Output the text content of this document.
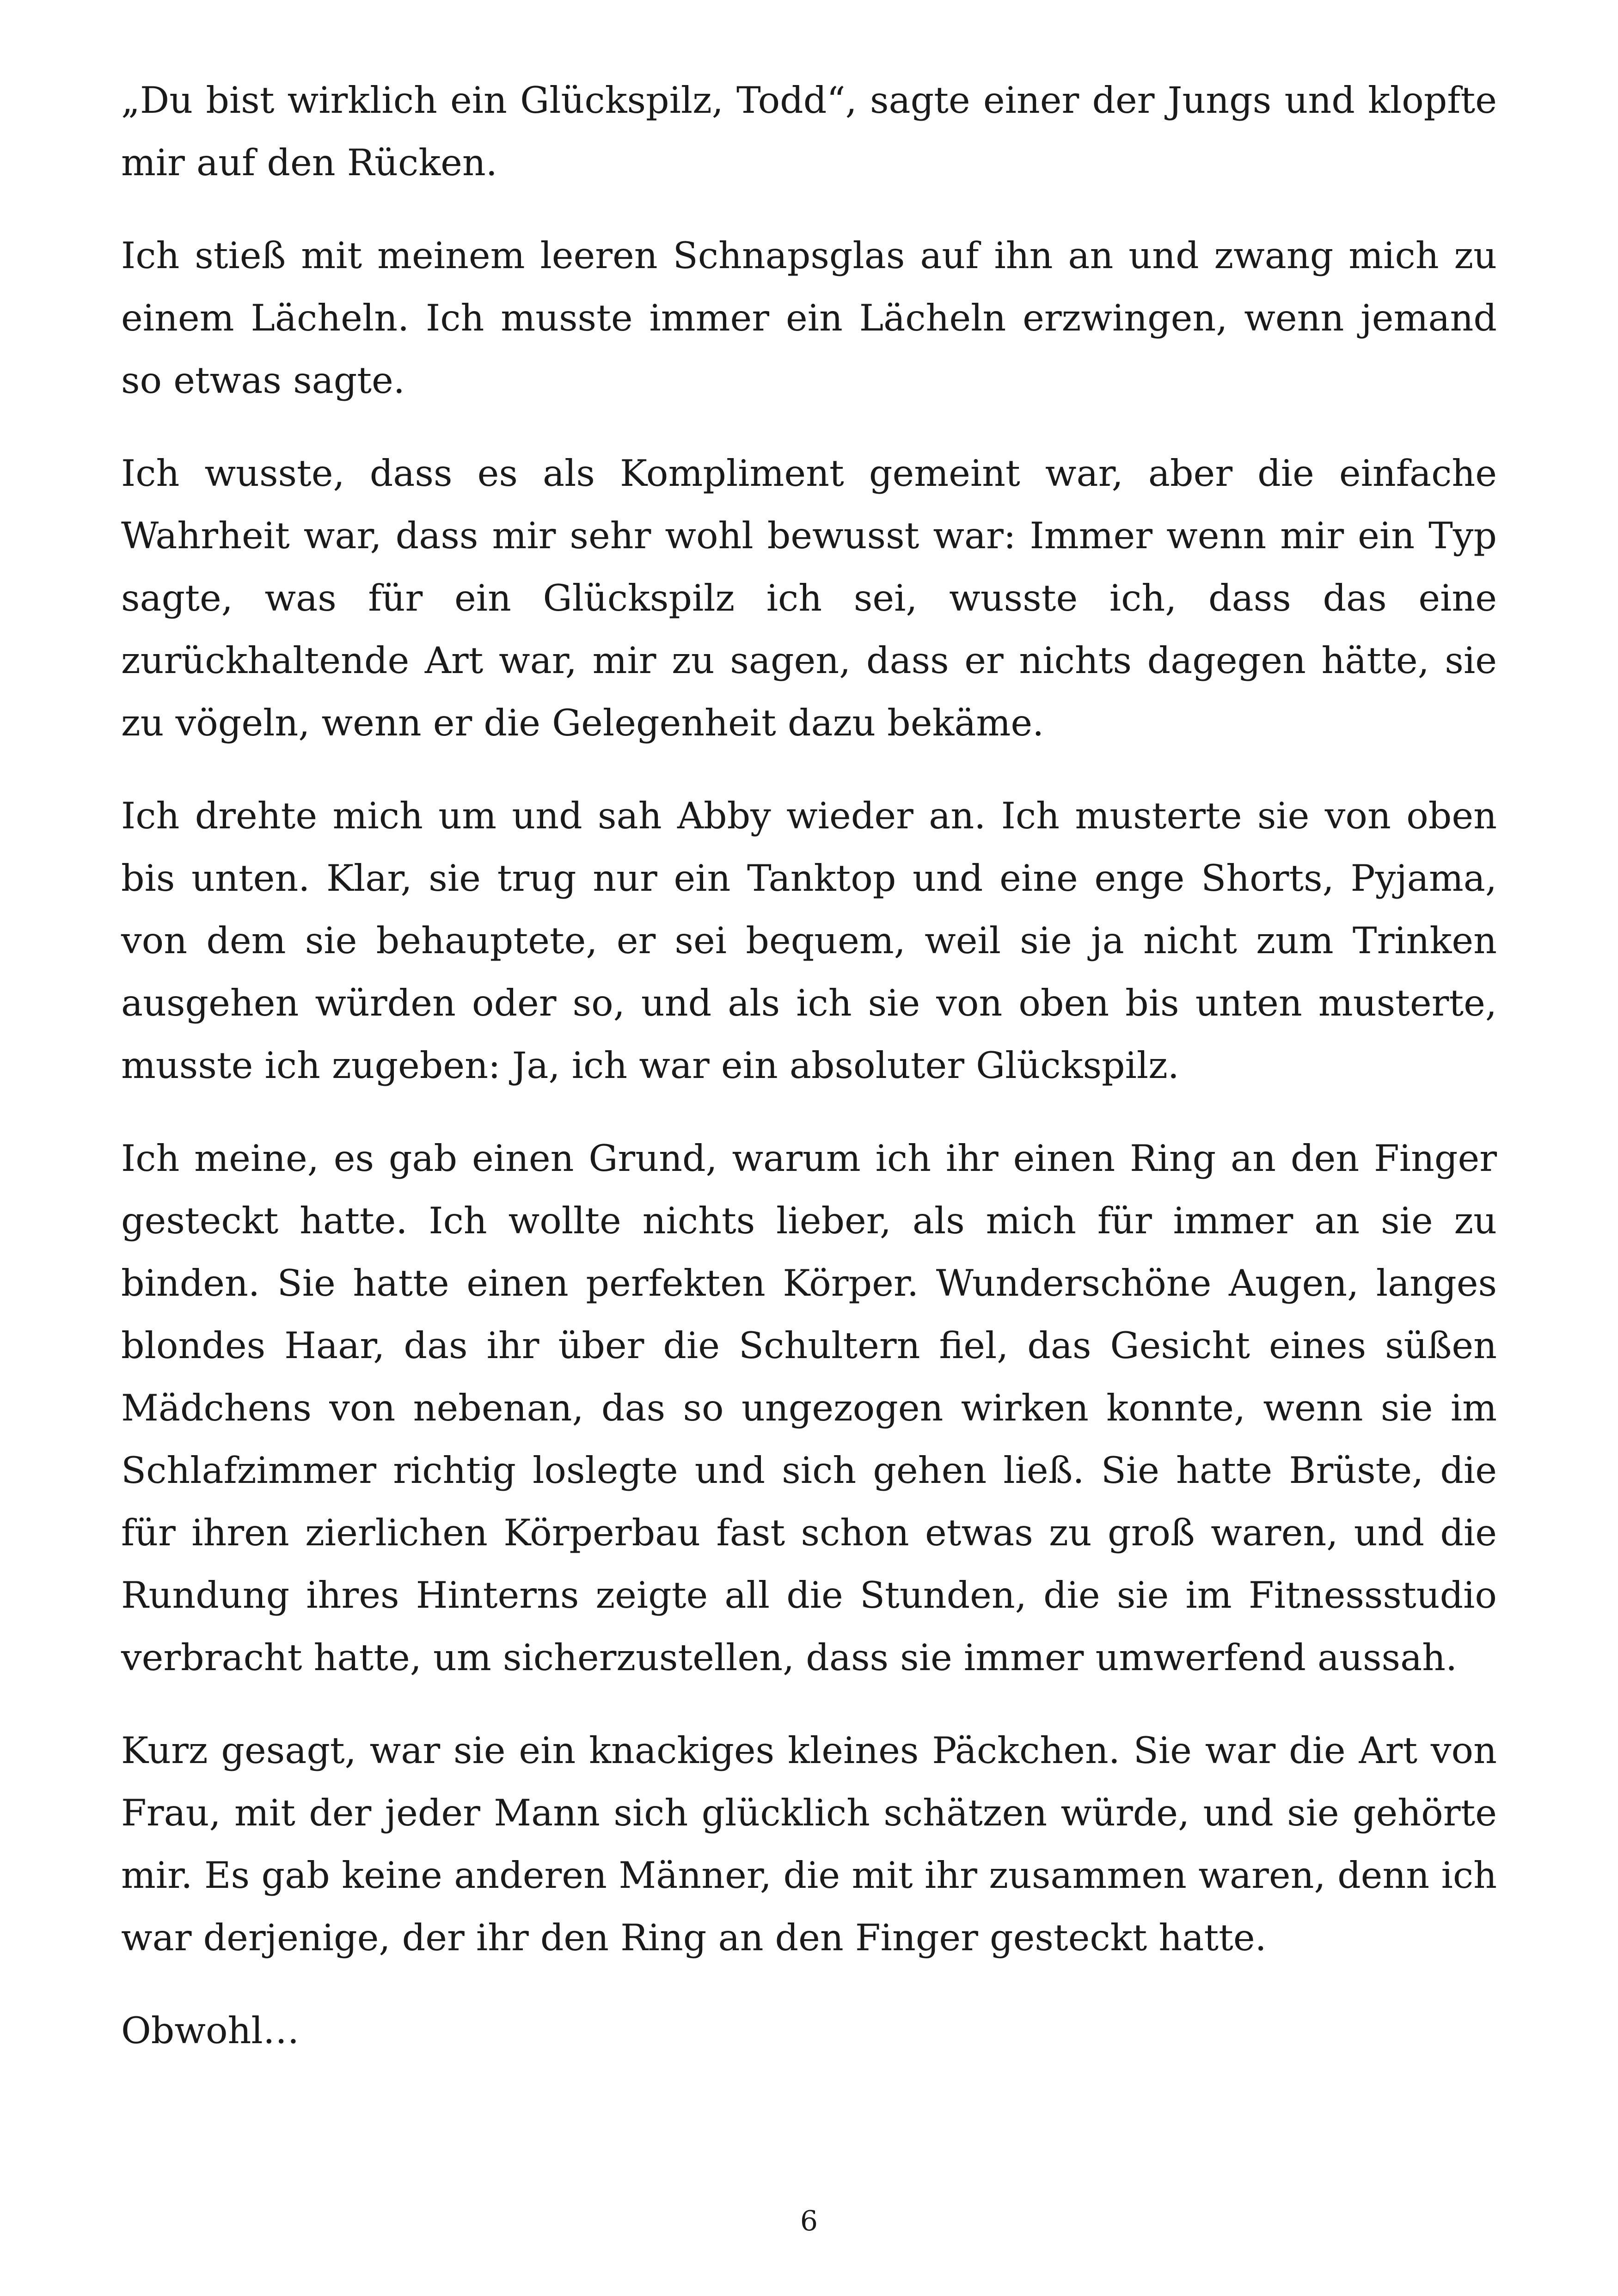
„Du bist wirklich ein Glückspilz, Todd“, sagte einer der Jungs und klopfte mir auf den Rücken.

Ich stieß mit meinem leeren Schnapsglas auf ihn an und zwang mich zu einem Lächeln. Ich musste immer ein Lächeln erzwingen, wenn jemand so etwas sagte.

Ich wusste, dass es als Kompliment gemeint war, aber die einfache Wahrheit war, dass mir sehr wohl bewusst war: Immer wenn mir ein Typ sagte, was für ein Glückspilz ich sei, wusste ich, dass das eine zurückhaltende Art war, mir zu sagen, dass er nichts dagegen hätte, sie zu vögeln, wenn er die Gelegenheit dazu bekäme.

Ich drehte mich um und sah Abby wieder an. Ich musterte sie von oben bis unten. Klar, sie trug nur ein Tanktop und eine enge Shorts, Pyjama, von dem sie behauptete, er sei bequem, weil sie ja nicht zum Trinken ausgehen würden oder so, und als ich sie von oben bis unten musterte, musste ich zugeben: Ja, ich war ein absoluter Glückspilz.

Ich meine, es gab einen Grund, warum ich ihr einen Ring an den Finger gesteckt hatte. Ich wollte nichts lieber, als mich für immer an sie zu binden. Sie hatte einen perfekten Körper. Wunderschöne Augen, langes blondes Haar, das ihr über die Schultern fiel, das Gesicht eines süßen Mädchens von nebenan, das so ungezogen wirken konnte, wenn sie im Schlafzimmer richtig loslegte und sich gehen ließ. Sie hatte Brüste, die für ihren zierlichen Körperbau fast schon etwas zu groß waren, und die Rundung ihres Hinterns zeigte all die Stunden, die sie im Fitnessstudio verbracht hatte, um sicherzustellen, dass sie immer umwerfend aussah.

Kurz gesagt, war sie ein knackiges kleines Päckchen. Sie war die Art von Frau, mit der jeder Mann sich glücklich schätzen würde, und sie gehörte mir. Es gab keine anderen Männer, die mit ihr zusammen waren, denn ich war derjenige, der ihr den Ring an den Finger gesteckt hatte.

Obwohl…

6
